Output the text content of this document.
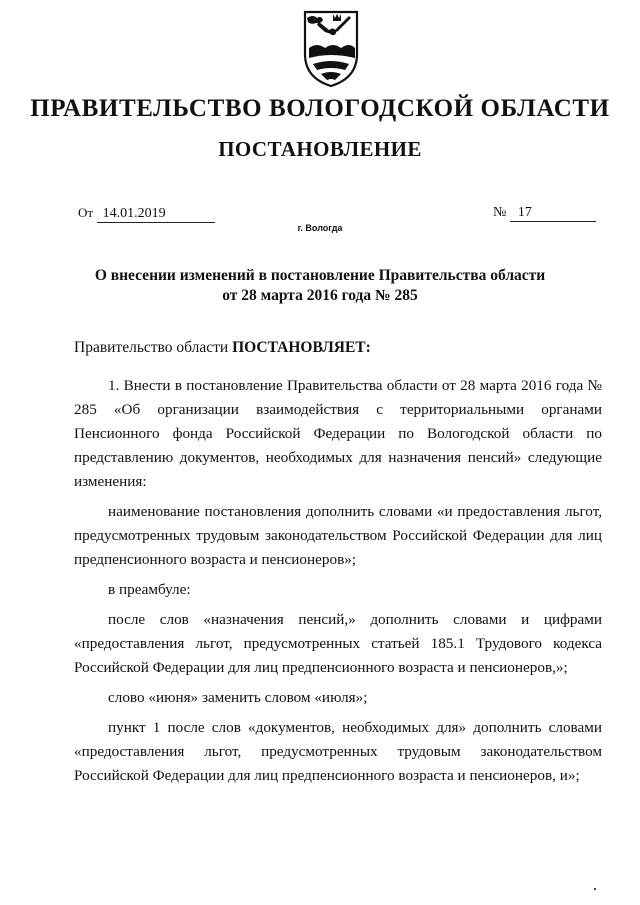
ПРАВИТЕЛЬСТВО ВОЛОГОДСКОЙ ОБЛАСТИ
ПОСТАНОВЛЕНИЕ
От 14.01.2019	№ 17
г. Вологда
О внесении изменений в постановление Правительства области
от 28 марта 2016 года № 285
Правительство области ПОСТАНОВЛЯЕТ:

1. Внести в постановление Правительства области от 28 марта 2016 года № 285 «Об организации взаимодействия с территориальными органами Пенсионного фонда Российской Федерации по Вологодской области по представлению документов, необходимых для назначения пенсий» следующие изменения:

наименование постановления дополнить словами «и предоставления льгот, предусмотренных трудовым законодательством Российской Федерации для лиц предпенсионного возраста и пенсионеров»;

в преамбуле:

после слов «назначения пенсий,» дополнить словами и цифрами «предоставления льгот, предусмотренных статьей 185.1 Трудового кодекса Российской Федерации для лиц предпенсионного возраста и пенсионеров,»;

слово «июня» заменить словом «июля»;

пункт 1 после слов «документов, необходимых для» дополнить словами «предоставления льгот, предусмотренных трудовым законодательством Российской Федерации для лиц предпенсионного возраста и пенсионеров, и»;
